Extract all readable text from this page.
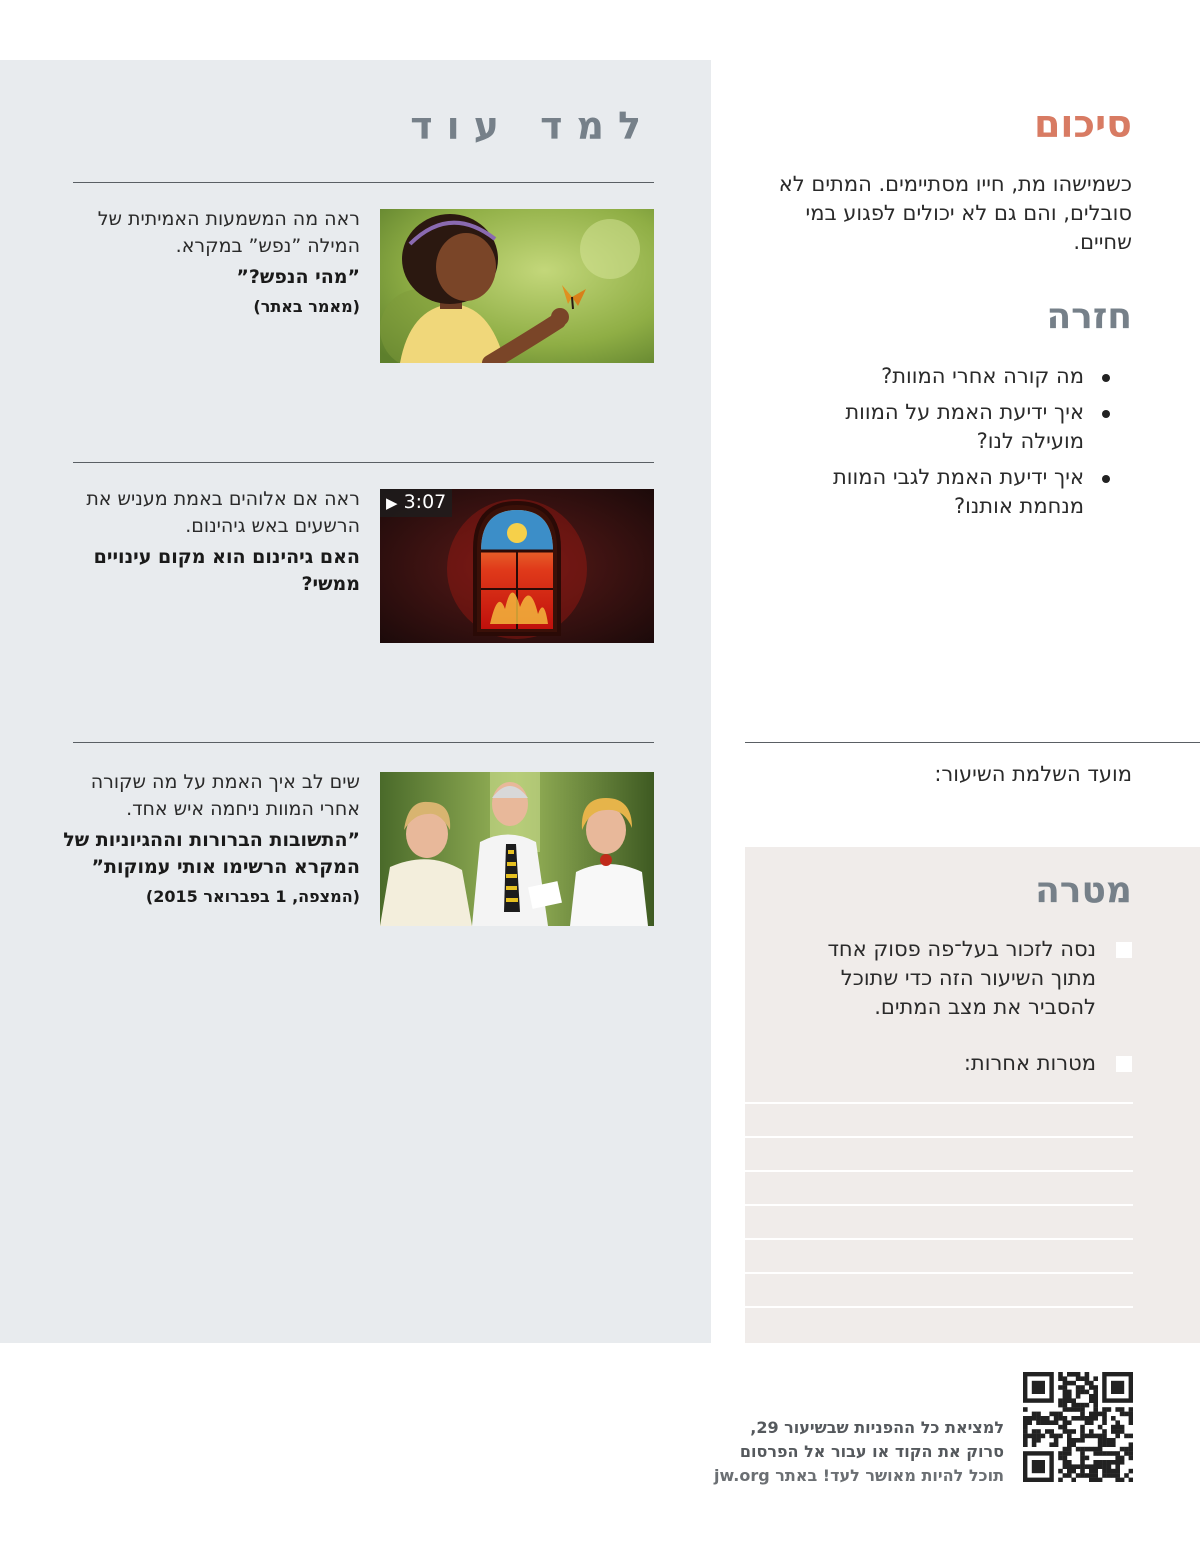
למד עוד

ראה מה המשמעות האמיתית של המילה ”נפש” במקרא.

”מהי הנפש?”

(מאמר באתר)

▶ 3:07

ראה אם אלוהים באמת מעניש את הרשעים באש גיהינום.

האם גיהינום הוא מקום עינויים ממשי?

שים לב איך האמת על מה שקורה אחרי המוות ניחמה איש אחד.

”התשובות הברורות וההגיוניות של המקרא הרשימו אותי עמוקות”

(המצפה, 1 בפברואר 2015)

סיכום
כשמישהו מת, חייו מסתיימים. המתים לא סובלים, והם גם לא יכולים לפגוע במי שחיים.
חזרה
מה קורה אחרי המוות?
איך ידיעת האמת על המוות מועילה לנו?
איך ידיעת האמת לגבי המוות מנחמת אותנו?
מועד השלמת השיעור:
מטרה
נסה לזכור בעל־פה פסוק אחד מתוך השיעור הזה כדי שתוכל להסביר את מצב המתים.
מטרות אחרות:
למציאת כל ההפניות שבשיעור 29,
סרוק את הקוד או עבור אל הפרסום
תוכל להיות מאושר לעד! באתר jw.org
